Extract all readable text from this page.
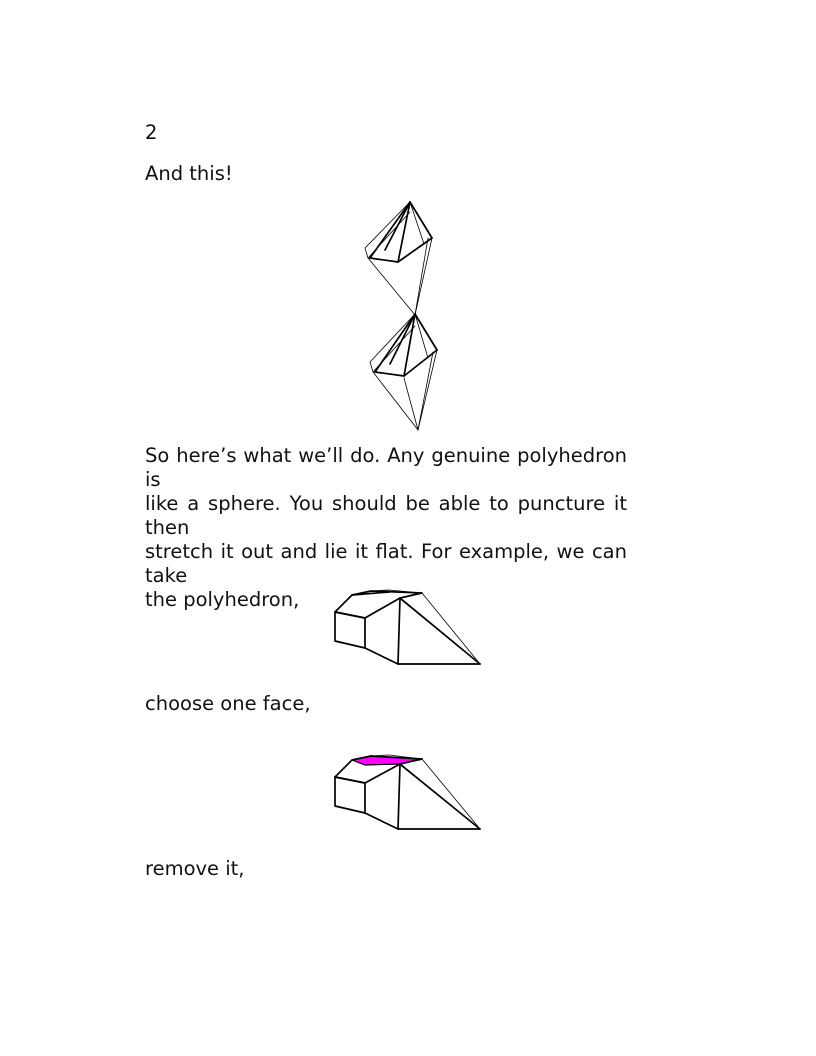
2

And this!

So here’s what we’ll do. Any genuine polyhedron is
like a sphere. You should be able to puncture it then
stretch it out and lie it flat. For example, we can take
the polyhedron,

choose one face,

remove it,
